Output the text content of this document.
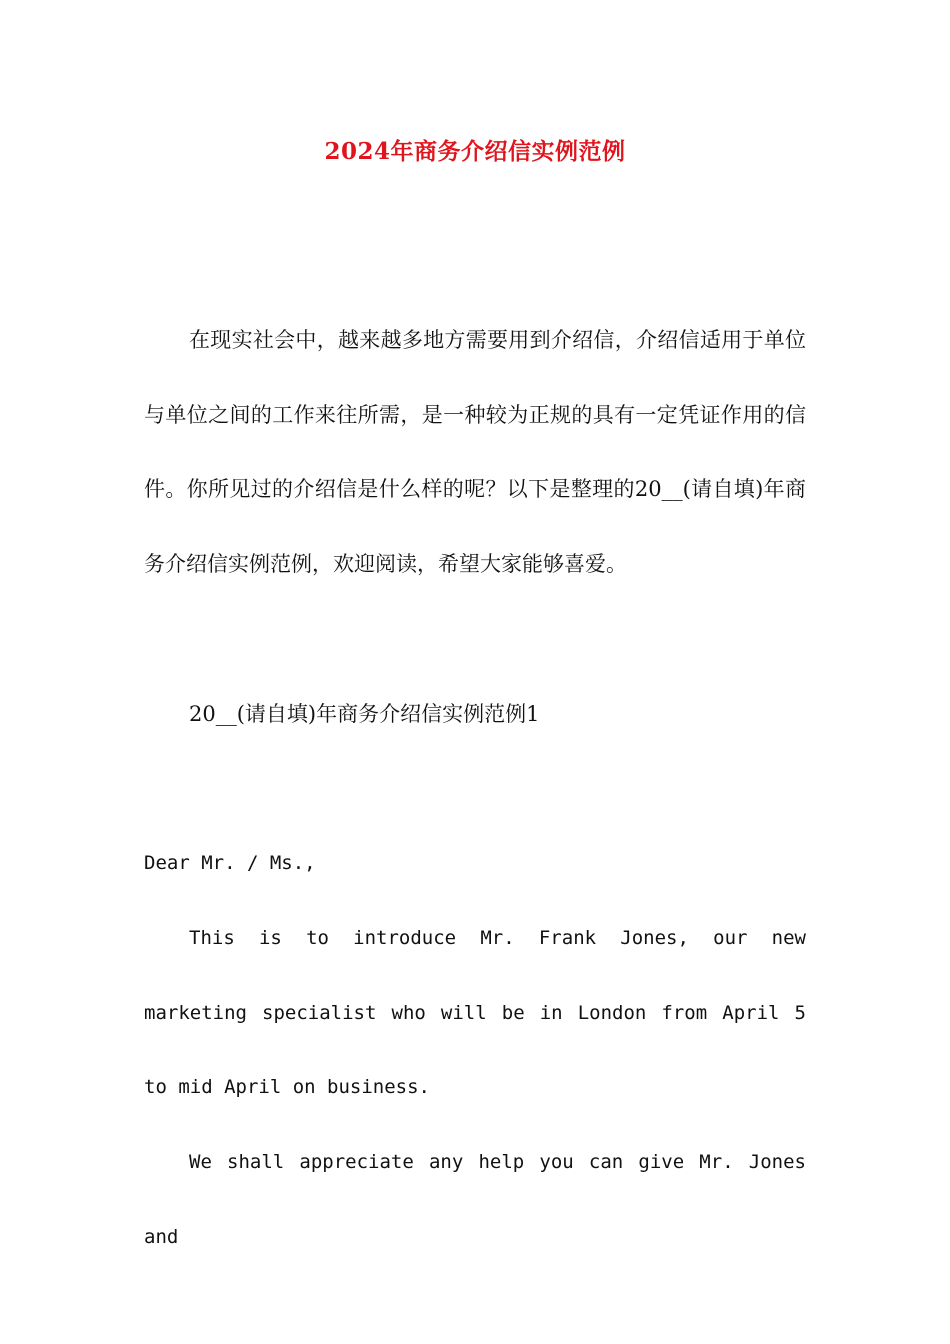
2024年商务介绍信实例范例

在现实社会中，越来越多地方需要用到介绍信，介绍信适用于单位与单位之间的工作来往所需，是一种较为正规的具有一定凭证作用的信件。你所见过的介绍信是什么样的呢？以下是整理的20__(请自填)年商务介绍信实例范例，欢迎阅读，希望大家能够喜爱。

20__(请自填)年商务介绍信实例范例1

Dear Mr. / Ms.,

This is to introduce Mr. Frank Jones, our new marketing specialist who will be in London from April 5 to mid April on business.

We shall appreciate any help you can give Mr. Jones and
